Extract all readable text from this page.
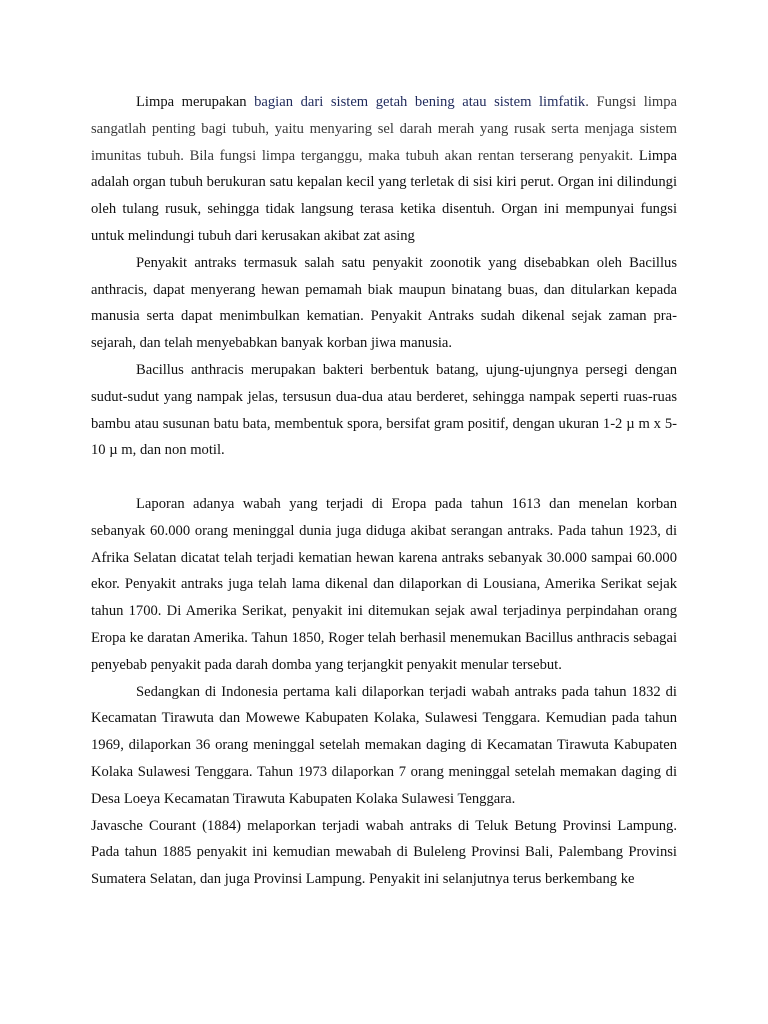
Limpa merupakan bagian dari sistem getah bening atau sistem limfatik. Fungsi limpa sangatlah penting bagi tubuh, yaitu menyaring sel darah merah yang rusak serta menjaga sistem imunitas tubuh. Bila fungsi limpa terganggu, maka tubuh akan rentan terserang penyakit. Limpa adalah organ tubuh berukuran satu kepalan kecil yang terletak di sisi kiri perut. Organ ini dilindungi oleh tulang rusuk, sehingga tidak langsung terasa ketika disentuh. Organ ini mempunyai fungsi untuk melindungi tubuh dari kerusakan akibat zat asing

Penyakit antraks termasuk salah satu penyakit zoonotik yang disebabkan oleh Bacillus anthracis, dapat menyerang hewan pemamah biak maupun binatang buas, dan ditularkan kepada manusia serta dapat menimbulkan kematian. Penyakit Antraks sudah dikenal sejak zaman pra-sejarah, dan telah menyebabkan banyak korban jiwa manusia.

Bacillus anthracis merupakan bakteri berbentuk batang, ujung-ujungnya persegi dengan sudut-sudut yang nampak jelas, tersusun dua-dua atau berderet, sehingga nampak seperti ruas-ruas bambu atau susunan batu bata, membentuk spora, bersifat gram positif, dengan ukuran 1-2 µ m x 5-10 µ m, dan non motil.

Laporan adanya wabah yang terjadi di Eropa pada tahun 1613 dan menelan korban sebanyak 60.000 orang meninggal dunia juga diduga akibat serangan antraks. Pada tahun 1923, di Afrika Selatan dicatat telah terjadi kematian hewan karena antraks sebanyak 30.000 sampai 60.000 ekor. Penyakit antraks juga telah lama dikenal dan dilaporkan di Lousiana, Amerika Serikat sejak tahun 1700. Di Amerika Serikat, penyakit ini ditemukan sejak awal terjadinya perpindahan orang Eropa ke daratan Amerika. Tahun 1850, Roger telah berhasil menemukan Bacillus anthracis sebagai penyebab penyakit pada darah domba yang terjangkit penyakit menular tersebut.

Sedangkan di Indonesia pertama kali dilaporkan terjadi wabah antraks pada tahun 1832 di Kecamatan Tirawuta dan Mowewe Kabupaten Kolaka, Sulawesi Tenggara. Kemudian pada tahun 1969, dilaporkan 36 orang meninggal setelah memakan daging di Kecamatan Tirawuta Kabupaten Kolaka Sulawesi Tenggara. Tahun 1973 dilaporkan 7 orang meninggal setelah memakan daging di Desa Loeya Kecamatan Tirawuta Kabupaten Kolaka Sulawesi Tenggara.

Javasche Courant (1884) melaporkan terjadi wabah antraks di Teluk Betung Provinsi Lampung. Pada tahun 1885 penyakit ini kemudian mewabah di Buleleng Provinsi Bali, Palembang Provinsi Sumatera Selatan, dan juga Provinsi Lampung. Penyakit ini selanjutnya terus berkembang ke
